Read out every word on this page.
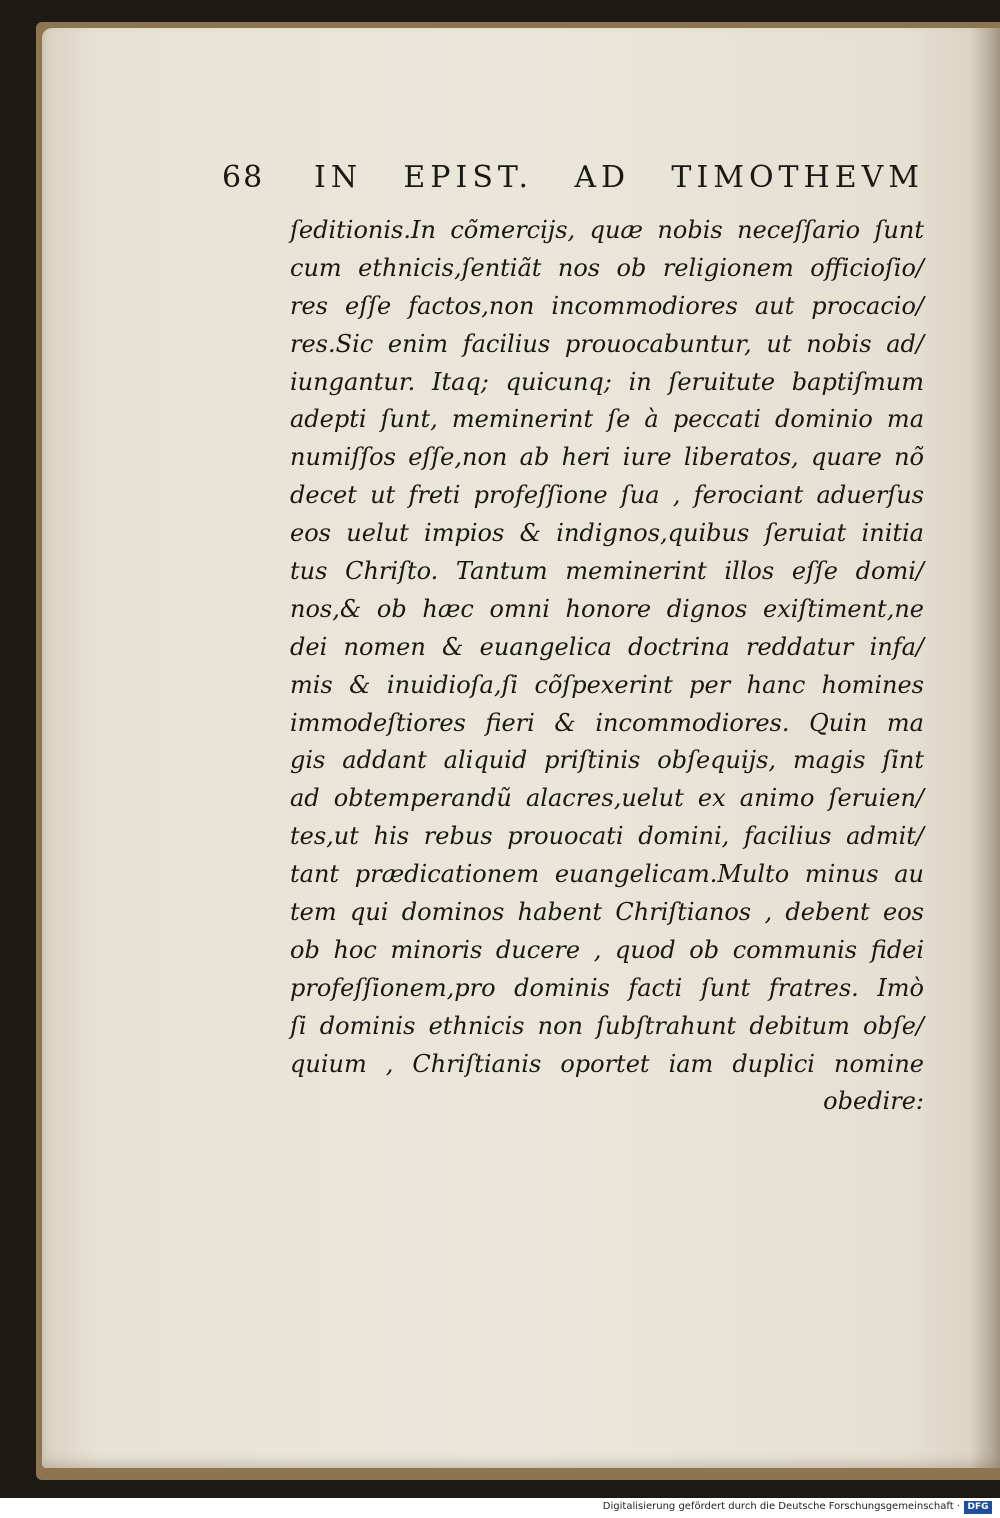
68 IN EPIST. AD TIMOTHEVM
ſeditionis.In cõmercijs, quæ nobis neceſſario ſunt
cum ethnicis,ſentiãt nos ob religionem officioſio/
res eſſe factos,non incommodiores aut procacio/
res.Sic enim facilius prouocabuntur, ut nobis ad/
iungantur. Itaq; quicunq; in ſeruitute baptiſmum
adepti ſunt, meminerint ſe à peccati dominio ma
numiſſos eſſe,non ab heri iure liberatos, quare nõ
decet ut freti profeſſione ſua , ferociant aduerſus
eos uelut impios & indignos,quibus ſeruiat initia
tus Chriſto. Tantum meminerint illos eſſe domi/
nos,& ob hæc omni honore dignos exiſtiment,ne
dei nomen & euangelica doctrina reddatur infa/
mis & inuidioſa,ſi cõſpexerint per hanc homines
immodeſtiores fieri & incommodiores. Quin ma
gis addant aliquid priſtinis obſequijs, magis ſint
ad obtemperandũ alacres,uelut ex animo ſeruien/
tes,ut his rebus prouocati domini, facilius admit/
tant prædicationem euangelicam.Multo minus au
tem qui dominos habent Chriſtianos , debent eos
ob hoc minoris ducere , quod ob communis fidei
profeſſionem,pro dominis facti ſunt fratres. Imò
ſi dominis ethnicis non ſubſtrahunt debitum obſe/
quium , Chriſtianis oportet iam duplici nomine
obedire:
Digitalisierung gefördert durch die Deutsche Forschungsgemeinschaft · DFG
